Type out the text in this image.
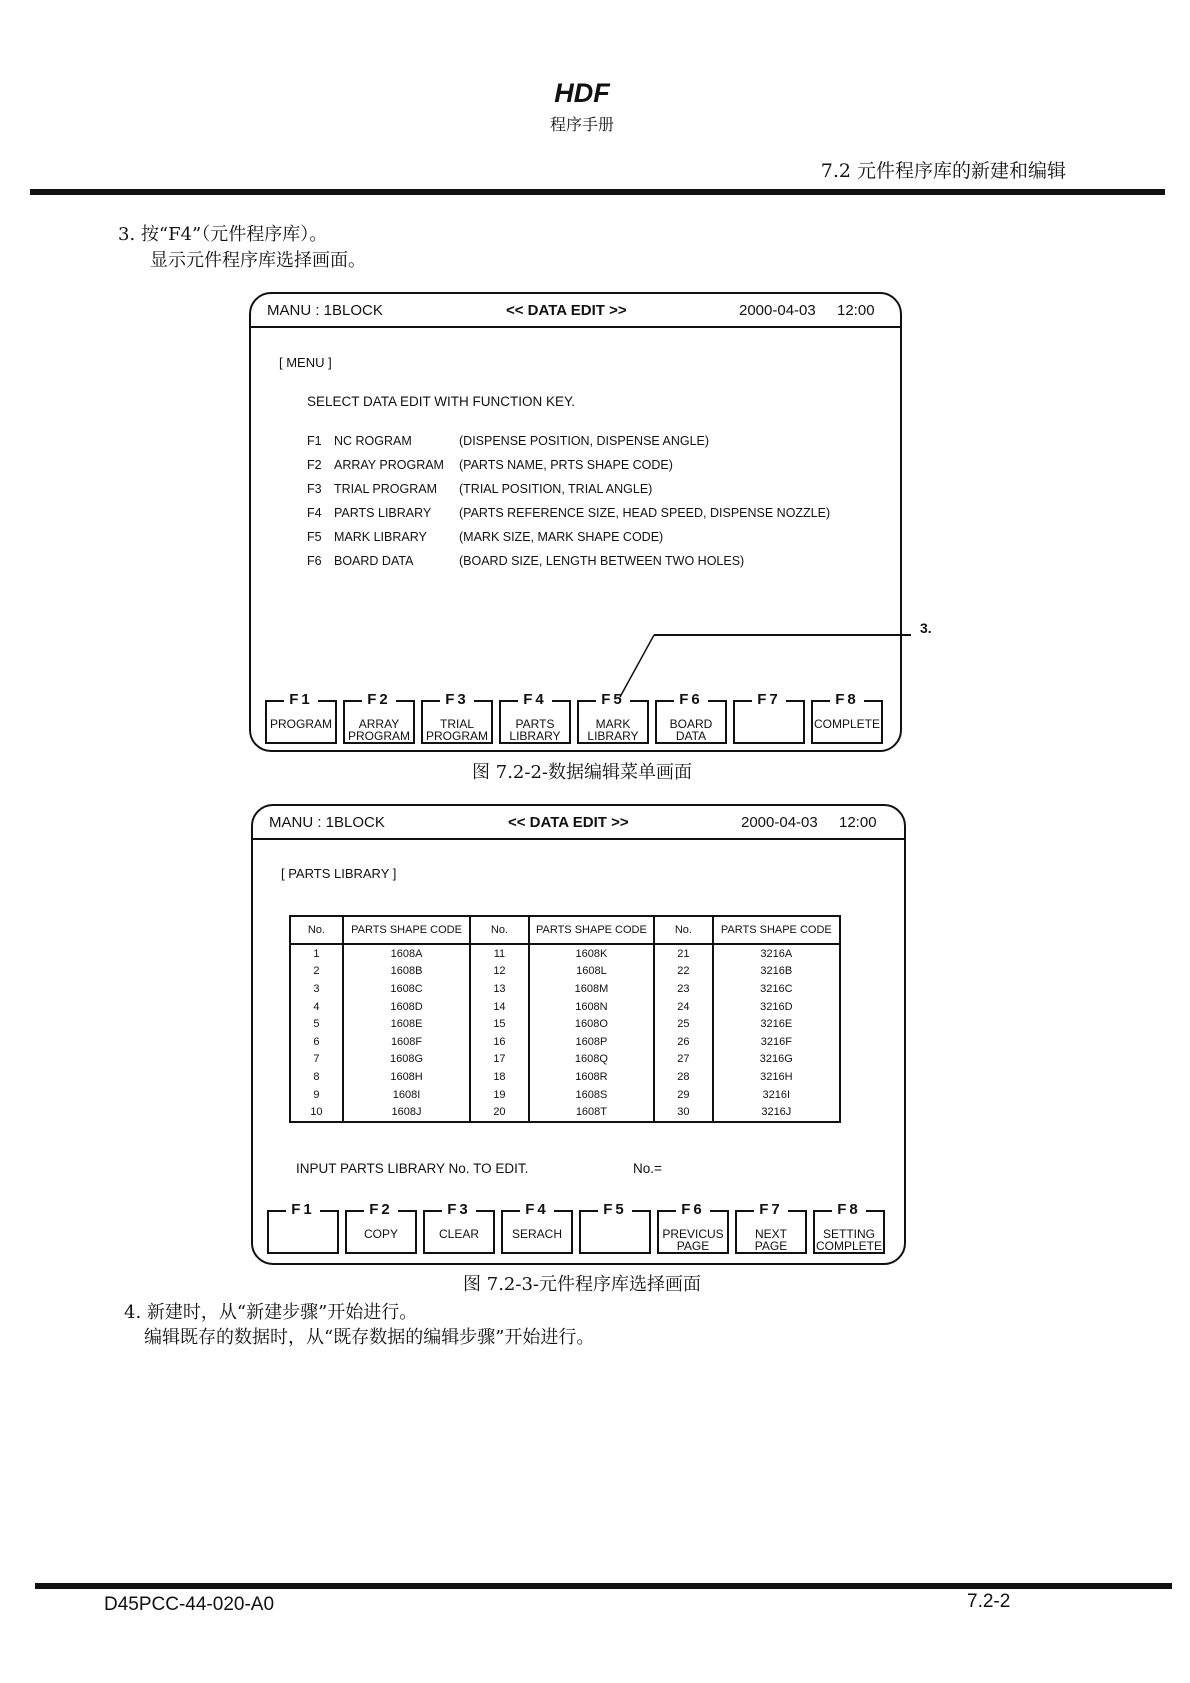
HDF
程序手册
7.2 元件程序库的新建和编辑
3. 按“F4”（元件程序库）。
显示元件程序库选择画面。
MANU : 1BLOCK	<< DATA EDIT >>	2000-04-03 12:00
[ MENU ]
SELECT DATA EDIT WITH FUNCTION KEY.
F1 NC ROGRAM	(DISPENSE POSITION, DISPENSE ANGLE)
F2 ARRAY PROGRAM (PARTS NAME, PRTS SHAPE CODE)
F3 TRIAL PROGRAM (TRIAL POSITION, TRIAL ANGLE)
F4 PARTS LIBRARY (PARTS REFERENCE SIZE, HEAD SPEED, DISPENSE NOZZLE)
F5 MARK LIBRARY	(MARK SIZE, MARK SHAPE CODE)
F6 BOARD DATA	(BOARD SIZE, LENGTH BETWEEN TWO HOLES)
F1
PROGRAM
F2
ARRAY
PROGRAM
F3
TRIAL
PROGRAM
F4
PARTS
LIBRARY
F5
MARK
LIBRARY
F6
BOARD
DATA
F7	F8
COMPLETE
3.
图 7.2-2-数据编辑菜单画面
MANU : 1BLOCK	<< DATA EDIT >>	2000-04-03 12:00
[ PARTS LIBRARY ]
No.	PARTS SHAPE CODE	No.	PARTS SHAPE CODE	No.	PARTS SHAPE CODE
1	1608A	11	1608K	21	3216A
2	1608B	12	1608L	22	3216B
3	1608C	13	1608M	23	3216C
4	1608D	14	1608N	24	3216D
5	1608E	15	1608O	25	3216E
6	1608F	16	1608P	26	3216F
7	1608G	17	1608Q	27	3216G
8	1608H	18	1608R	28	3216H
9	1608I	19	1608S	29	3216I
10	1608J	20	1608T	30	3216J
INPUT PARTS LIBRARY No. TO EDIT.	No.=
F1	F2
COPY
F3
CLEAR
F4
SERACH
F5	F6
PREVICUS
PAGE
F7
NEXT
PAGE
F8
SETTING
COMPLETE
图 7.2-3-元件程序库选择画面
4. 新建时，从“新建步骤”开始进行。
编辑既存的数据时，从“既存数据的编辑步骤”开始进行。
D45PCC-44-020-A0	7.2-2
